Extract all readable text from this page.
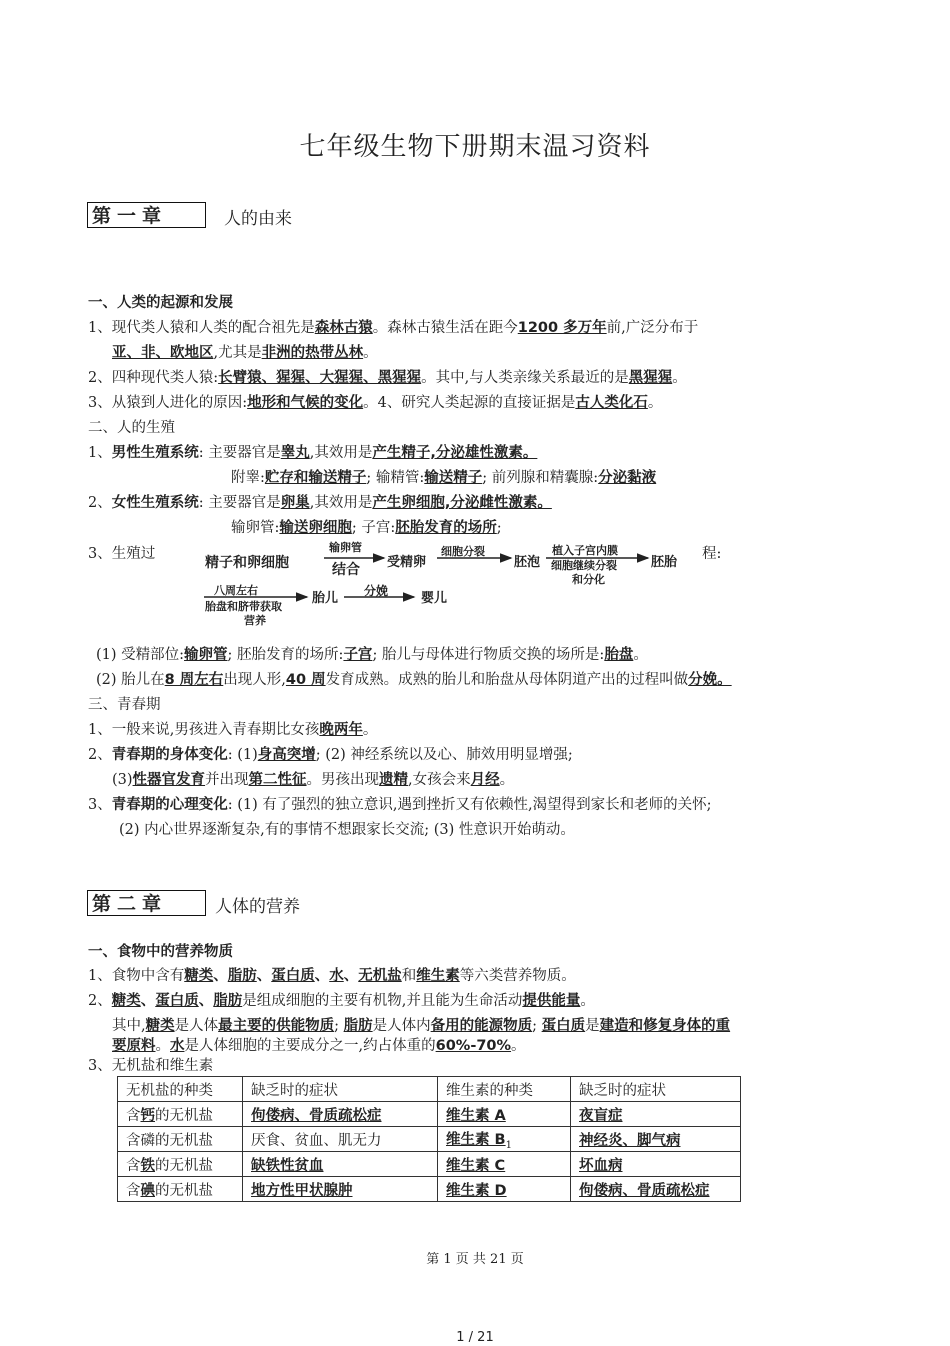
七年级生物下册期末温习资料
第一章	人的由来
一、人类的起源和发展
1、现代类人猿和人类的配合祖先是森林古猿。森林古猿生活在距今1200 多万年前,广泛分布于
亚、非、欧地区,尤其是非洲的热带丛林。
2、四种现代类人猿:长臂猿、猩猩、大猩猩、黑猩猩。其中,与人类亲缘关系最近的是黑猩猩。
3、从猿到人进化的原因:地形和气候的变化。4、研究人类起源的直接证据是古人类化石。
二、人的生殖
1、男性生殖系统: 主要器官是睾丸,其效用是产生精子,分泌雄性激素。
附睾:贮存和输送精子; 输精管:输送精子; 前列腺和精囊腺:分泌黏液
2、女性生殖系统: 主要器官是卵巢,其效用是产生卵细胞,分泌雌性激素。
输卵管:输送卵细胞; 子宫:胚胎发育的场所;
3、生殖过	程:
精子和卵细胞
输卵管
结合 受精卵
细胞分裂
胚泡
植入子宫内膜
细胞继续分裂
和分化
胚胎
八周左右
胎盘和脐带获取
营养
胎儿 分娩	婴儿
(1) 受精部位:输卵管; 胚胎发育的场所:子宫; 胎儿与母体进行物质交换的场所是:胎盘。
(2) 胎儿在8 周左右出现人形,40 周发育成熟。成熟的胎儿和胎盘从母体阴道产出的过程叫做分娩。
三、青春期
1、一般来说,男孩进入青春期比女孩晚两年。
2、青春期的身体变化: (1)身高突增; (2) 神经系统以及心、肺效用明显增强;
(3)性器官发育并出现第二性征。男孩出现遗精,女孩会来月经。
3、青春期的心理变化: (1) 有了强烈的独立意识,遇到挫折又有依赖性,渴望得到家长和老师的关怀;
(2) 内心世界逐渐复杂,有的事情不想跟家长交流; (3) 性意识开始萌动。
第二章	人体的营养
一、食物中的营养物质
1、食物中含有糖类、脂肪、蛋白质、水、无机盐和维生素等六类营养物质。
2、糖类、蛋白质、脂肪是组成细胞的主要有机物,并且能为生命活动提供能量。
其中,糖类是人体最主要的供能物质; 脂肪是人体内备用的能源物质; 蛋白质是建造和修复身体的重
要原料。水是人体细胞的主要成分之一,约占体重的60%-70%。
3、无机盐和维生素
无机盐的种类	缺乏时的症状	维生素的种类	缺乏时的症状
含钙的无机盐	佝偻病、骨质疏松症	维生素 A	夜盲症
含磷的无机盐	厌食、贫血、肌无力	维生素 $B_1$	神经炎、脚气病
含铁的无机盐	缺铁性贫血	维生素 C	坏血病
含碘的无机盐	地方性甲状腺肿	维生素 D	佝偻病、骨质疏松症
第 1 页 共 21 页
1 / 21
